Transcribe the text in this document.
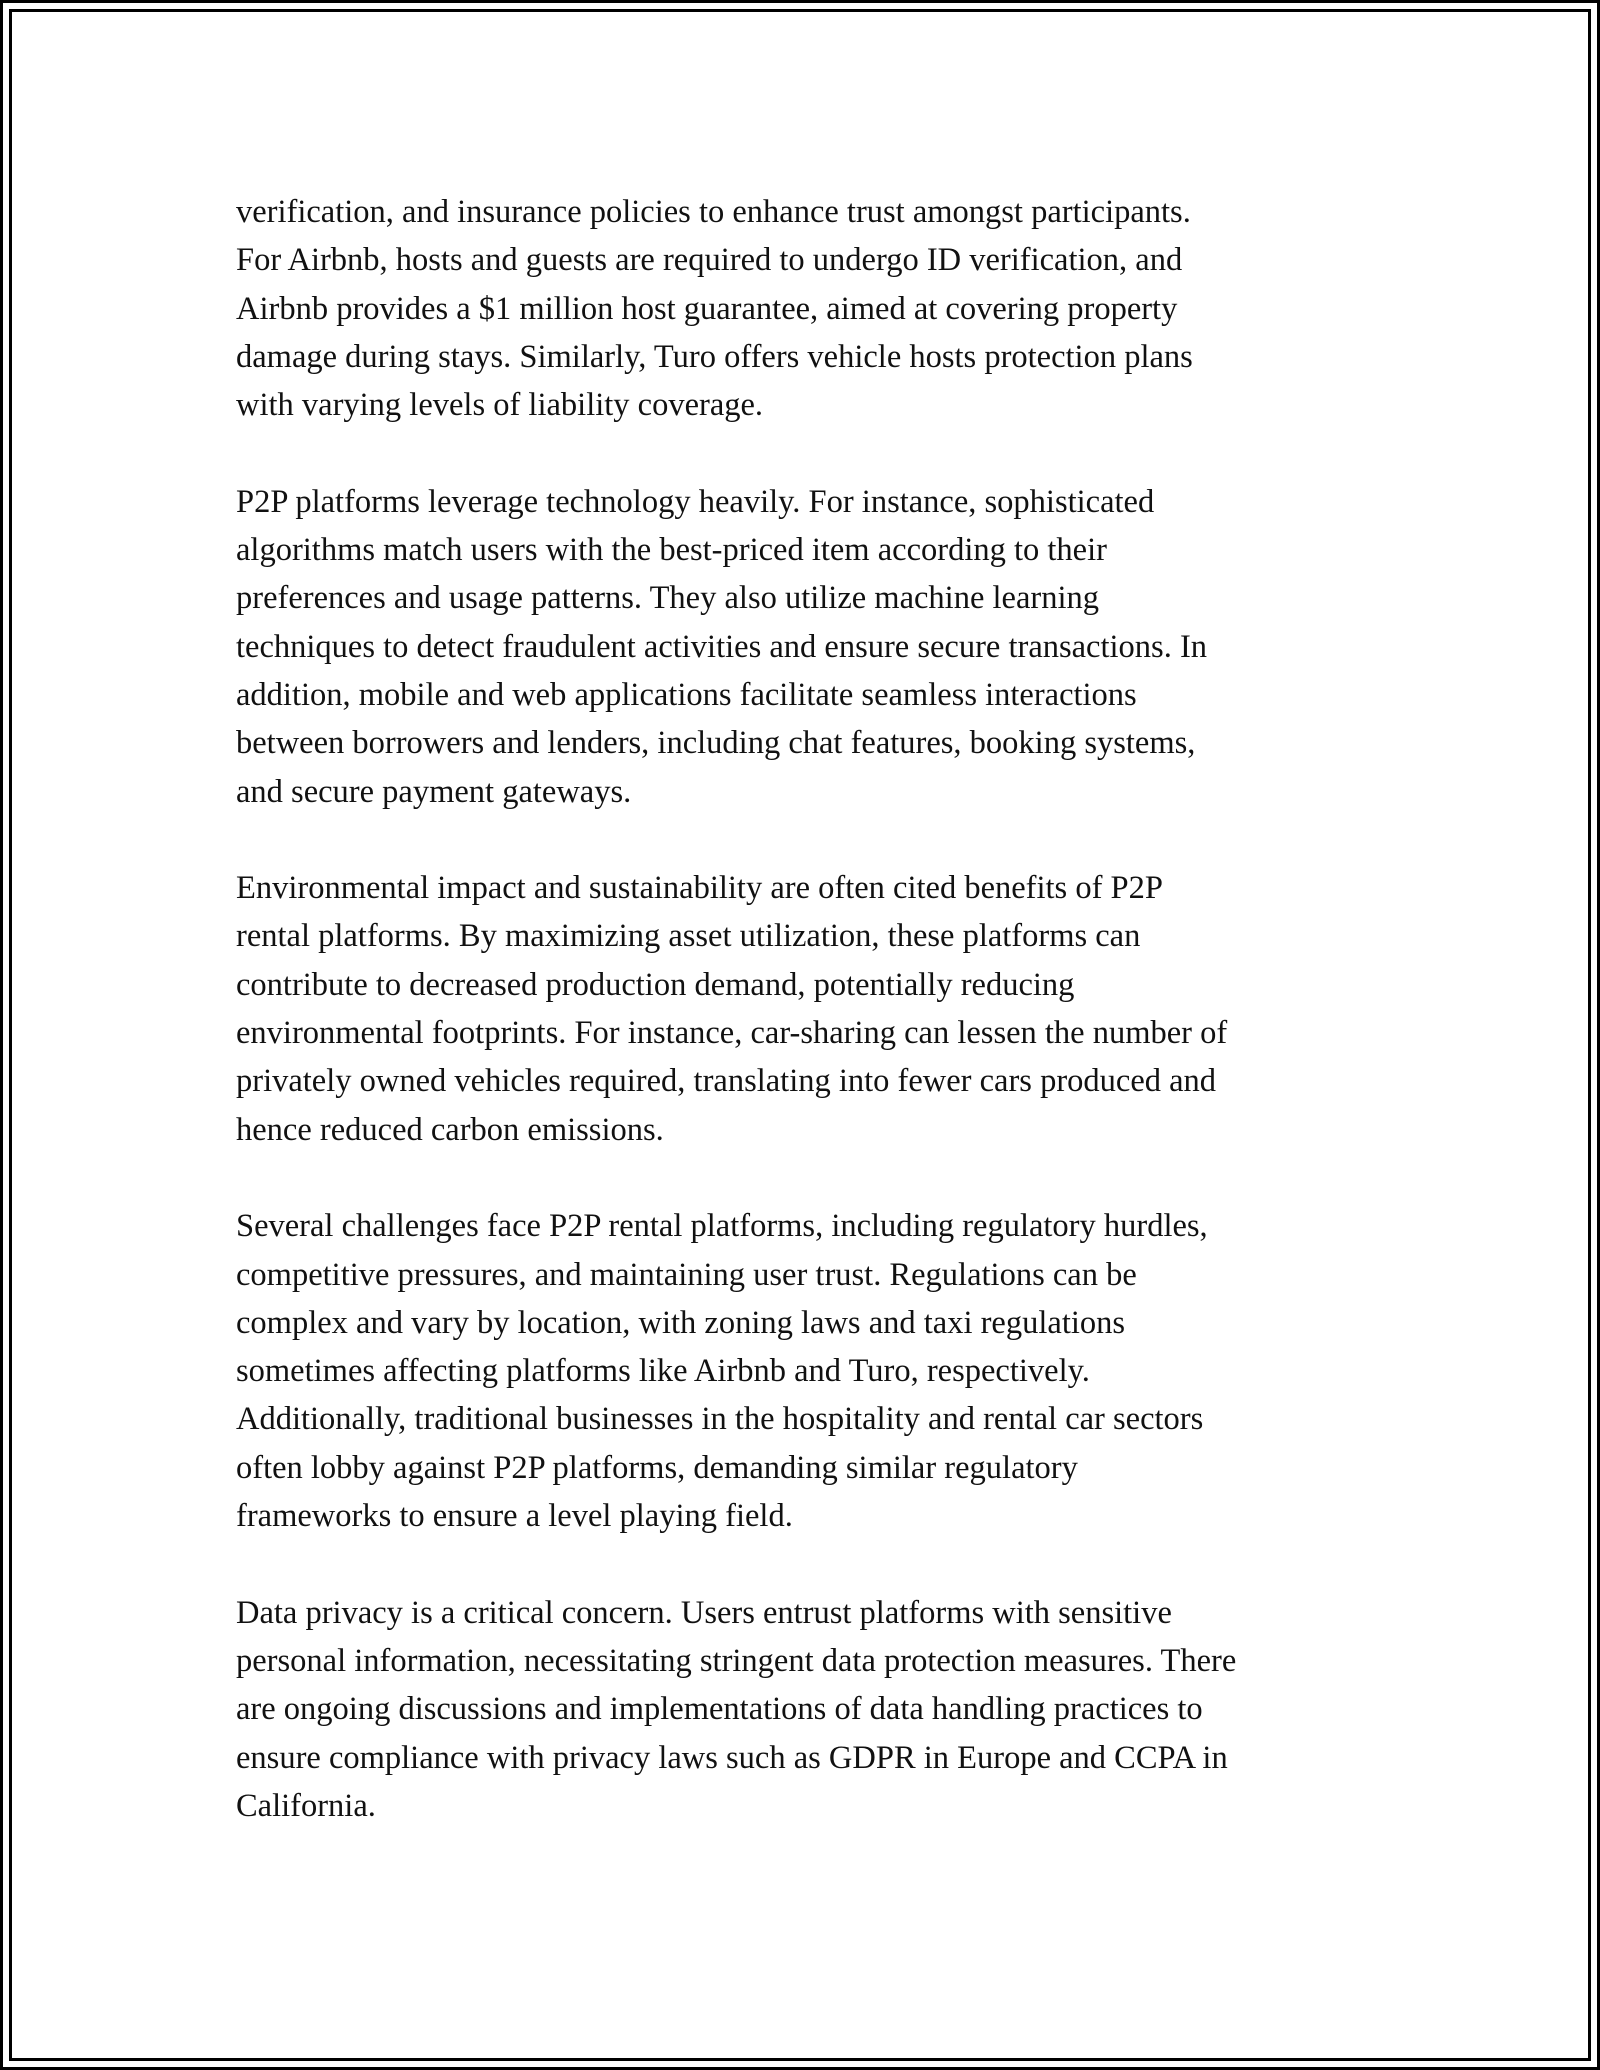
verification, and insurance policies to enhance trust amongst participants.
For Airbnb, hosts and guests are required to undergo ID verification, and
Airbnb provides a $1 million host guarantee, aimed at covering property
damage during stays. Similarly, Turo offers vehicle hosts protection plans
with varying levels of liability coverage.
P2P platforms leverage technology heavily. For instance, sophisticated
algorithms match users with the best-priced item according to their
preferences and usage patterns. They also utilize machine learning
techniques to detect fraudulent activities and ensure secure transactions. In
addition, mobile and web applications facilitate seamless interactions
between borrowers and lenders, including chat features, booking systems,
and secure payment gateways.
Environmental impact and sustainability are often cited benefits of P2P
rental platforms. By maximizing asset utilization, these platforms can
contribute to decreased production demand, potentially reducing
environmental footprints. For instance, car-sharing can lessen the number of
privately owned vehicles required, translating into fewer cars produced and
hence reduced carbon emissions.
Several challenges face P2P rental platforms, including regulatory hurdles,
competitive pressures, and maintaining user trust. Regulations can be
complex and vary by location, with zoning laws and taxi regulations
sometimes affecting platforms like Airbnb and Turo, respectively.
Additionally, traditional businesses in the hospitality and rental car sectors
often lobby against P2P platforms, demanding similar regulatory
frameworks to ensure a level playing field.
Data privacy is a critical concern. Users entrust platforms with sensitive
personal information, necessitating stringent data protection measures. There
are ongoing discussions and implementations of data handling practices to
ensure compliance with privacy laws such as GDPR in Europe and CCPA in
California.
